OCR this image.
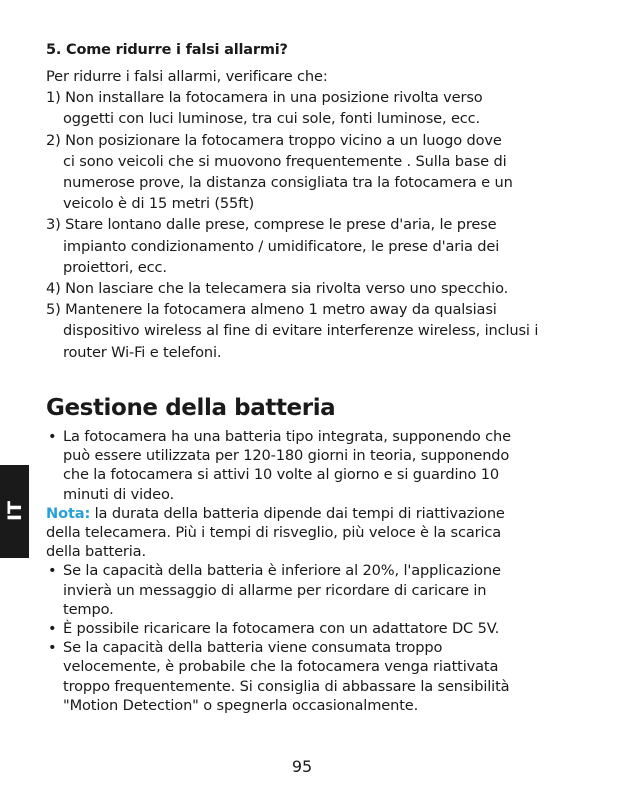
5. Come ridurre i falsi allarmi?
Per ridurre i falsi allarmi, verificare che:
1) Non installare la fotocamera in una posizione rivolta verso
oggetti con luci luminose, tra cui sole, fonti luminose, ecc.
2) Non posizionare la fotocamera troppo vicino a un luogo dove
ci sono veicoli che si muovono frequentemente . Sulla base di
numerose prove, la distanza consigliata tra la fotocamera e un
veicolo è di 15 metri (55ft)
3) Stare lontano dalle prese, comprese le prese d'aria, le prese
impianto condizionamento / umidificatore, le prese d'aria dei
proiettori, ecc.
4) Non lasciare che la telecamera sia rivolta verso uno specchio.
5) Mantenere la fotocamera almeno 1 metro away da qualsiasi
dispositivo wireless al fine di evitare interferenze wireless, inclusi i
router Wi-Fi e telefoni.
Gestione della batteria
• La fotocamera ha una batteria tipo integrata, supponendo che
può essere utilizzata per 120-180 giorni in teoria, supponendo
che la fotocamera si attivi 10 volte al giorno e si guardino 10
minuti di video.
Nota: la durata della batteria dipende dai tempi di riattivazione
della telecamera. Più i tempi di risveglio, più veloce è la scarica
della batteria.
• Se la capacità della batteria è inferiore al 20%, l'applicazione
invierà un messaggio di allarme per ricordare di caricare in
tempo.
• È possibile ricaricare la fotocamera con un adattatore DC 5V.
• Se la capacità della batteria viene consumata troppo
velocemente, è probabile che la fotocamera venga riattivata
troppo frequentemente. Si consiglia di abbassare la sensibilità
"Motion Detection" o spegnerla occasionalmente.
IT
95
